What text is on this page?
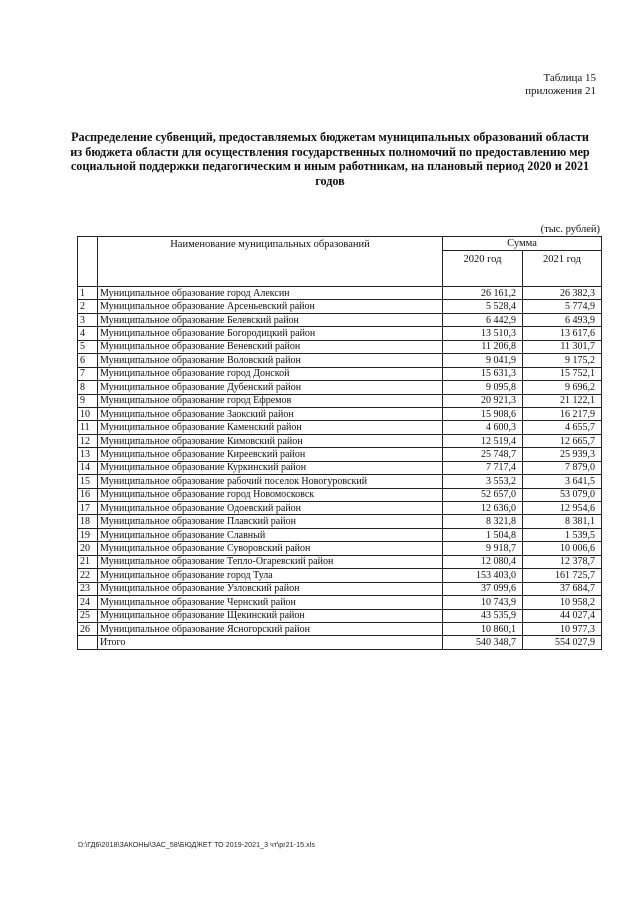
Таблица 15
приложения 21
Распределение субвенций, предоставляемых бюджетам муниципальных образований области из бюджета области для осуществления государственных полномочий по предоставлению мер социальной поддержки педагогическим и иным работникам, на плановый период 2020 и 2021 годов
(тыс. рублей)
	Наименование муниципальных образований	Сумма	
		2020 год	2021 год
1	Муниципальное образование город Алексин	26 161,2	26 382,3
2	Муниципальное образование Арсеньевский район	5 528,4	5 774,9
3	Муниципальное образование Белевский район	6 442,9	6 493,9
4	Муниципальное образование Богородицкий район	13 510,3	13 617,6
5	Муниципальное образование Веневский район	11 206,8	11 301,7
6	Муниципальное образование Воловский район	9 041,9	9 175,2
7	Муниципальное образование город Донской	15 631,3	15 752,1
8	Муниципальное образование Дубенский район	9 095,8	9 696,2
9	Муниципальное образование город Ефремов	20 921,3	21 122,1
10	Муниципальное образование Заокский район	15 908,6	16 217,9
11	Муниципальное образование Каменский район	4 600,3	4 655,7
12	Муниципальное образование Кимовский район	12 519,4	12 665,7
13	Муниципальное образование Киреевский район	25 748,7	25 939,3
14	Муниципальное образование Куркинский район	7 717,4	7 879,0
15	Муниципальное образование рабочий поселок Новогуровский	3 553,2	3 641,5
16	Муниципальное образование город Новомосковск	52 657,0	53 079,0
17	Муниципальное образование Одоевский район	12 636,0	12 954,6
18	Муниципальное образование Плавский район	8 321,8	8 381,1
19	Муниципальное образование Славный	1 504,8	1 539,5
20	Муниципальное образование Суворовский район	9 918,7	10 006,6
21	Муниципальное образование Тепло-Огаревский район	12 080,4	12 378,7
22	Муниципальное образование город Тула	153 403,0	161 725,7
23	Муниципальное образование Узловский район	37 099,6	37 684,7
24	Муниципальное образование Чернский район	10 743,9	10 958,2
25	Муниципальное образование Щекинский район	43 535,9	44 027,4
26	Муниципальное образование Ясногорский район	10 860,1	10 977,3
	Итого	540 348,7	554 027,9
D:\ГД6\2018\ЗАКОНЫ\ЗАС_58\БЮДЖЕТ ТО 2019-2021_3 чт\pr21-15.xls
